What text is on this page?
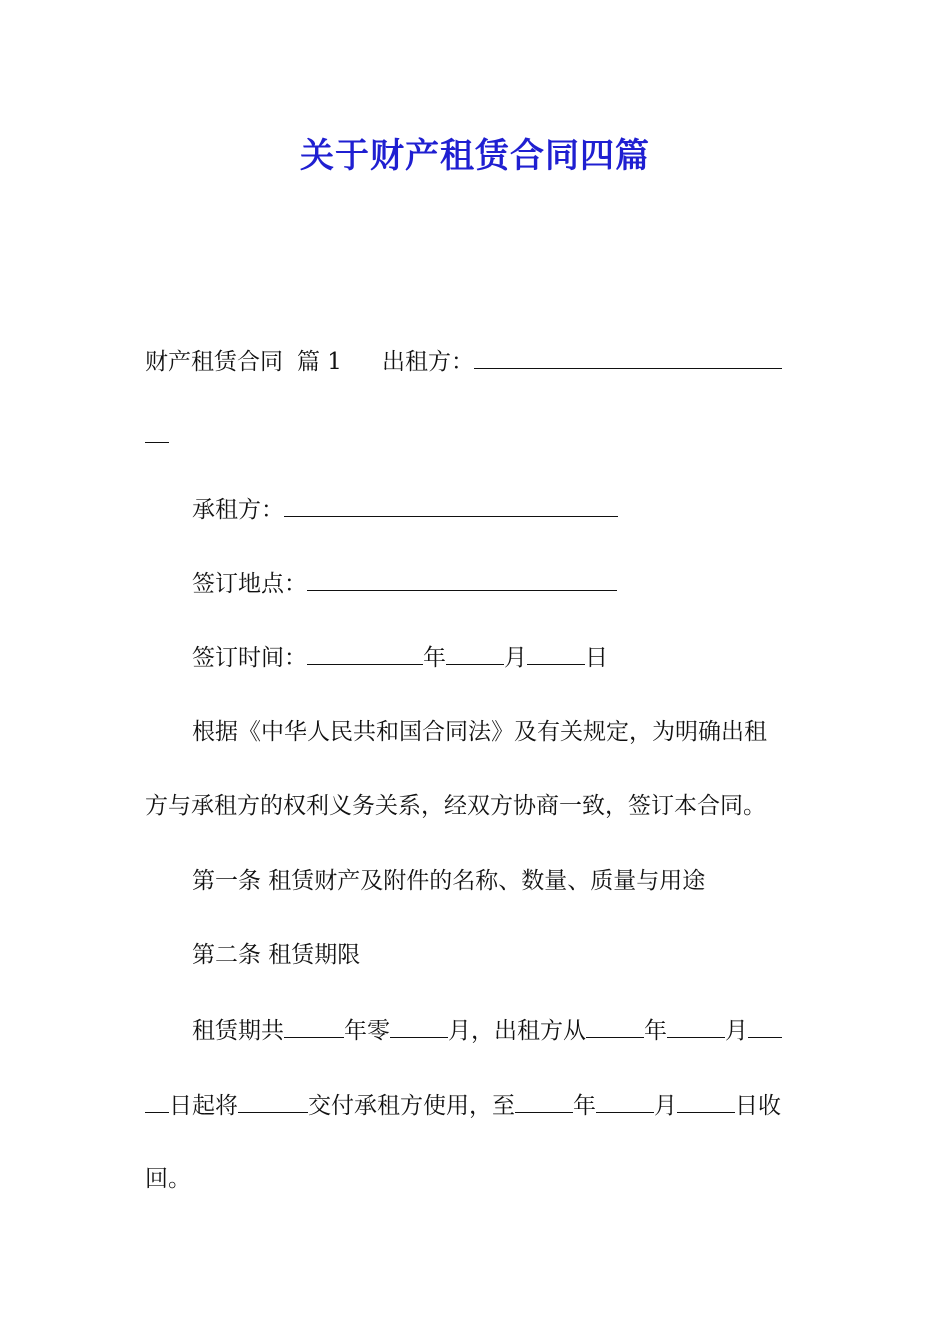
关于财产租赁合同四篇
财产租赁合同 篇 1 出租方：
承租方：
签订地点：
签订时间：	年	月	日
根据《中华人民共和国合同法》及有关规定，为明确出租
方与承租方的权利义务关系，经双方协商一致，签订本合同。
第一条 租赁财产及附件的名称、数量、质量与用途
第二条 租赁期限
租赁期共	年零	月，出租方从	年	月
日起将	交付承租方使用，至	年	月	日收
回。
